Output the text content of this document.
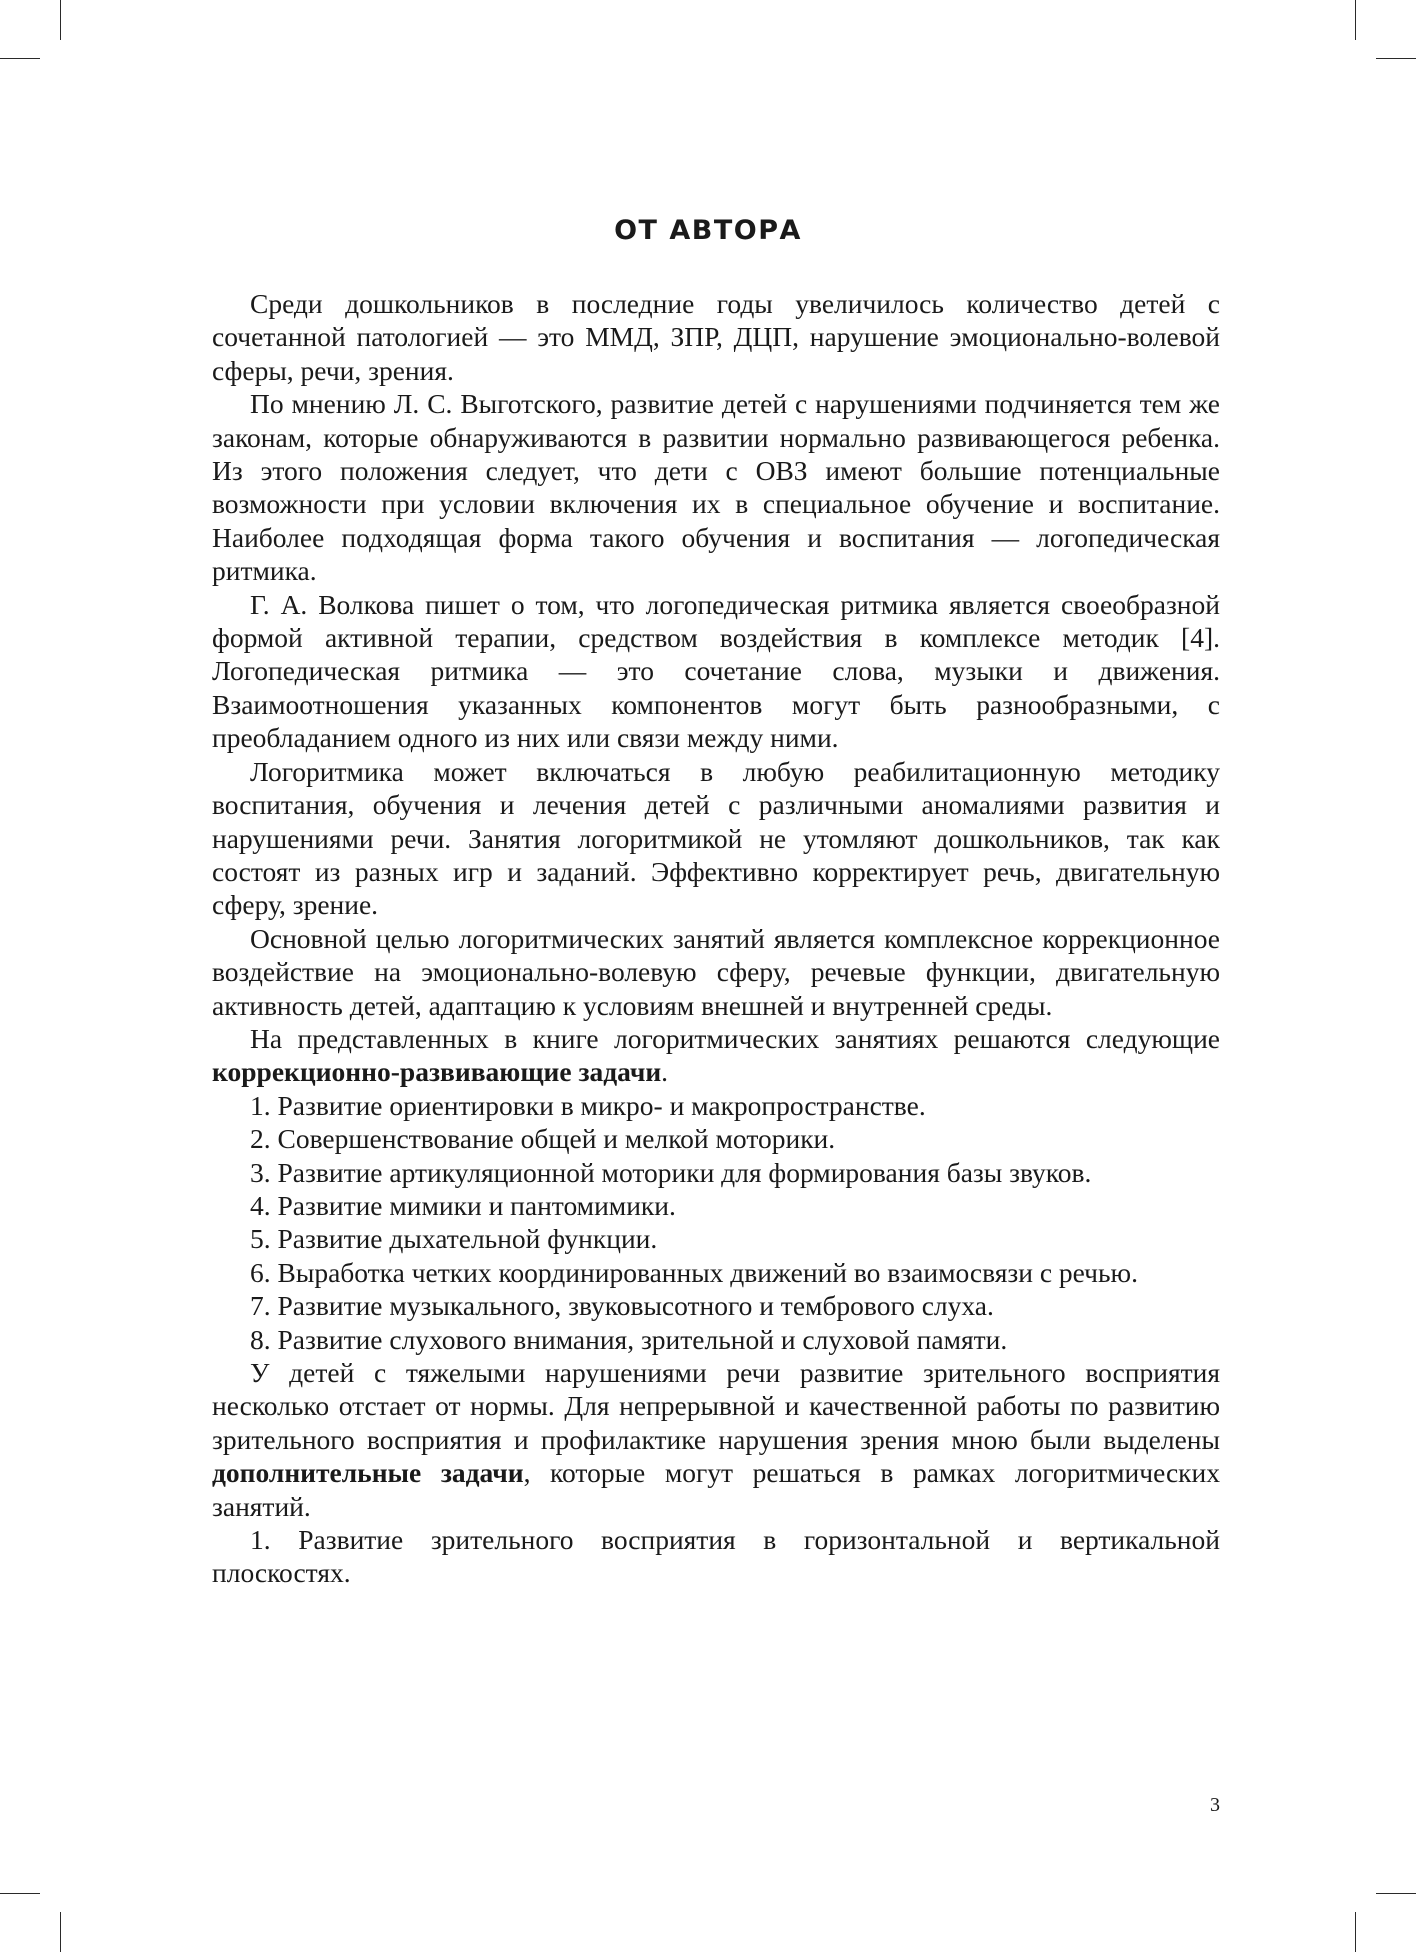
ОТ АВТОРА

Среди дошкольников в последние годы увеличилось количество детей с сочетанной патологией — это ММД, ЗПР, ДЦП, нарушение эмоционально-волевой сферы, речи, зрения.

По мнению Л. С. Выготского, развитие детей с нарушениями подчиняется тем же законам, которые обнаруживаются в развитии нормально развивающегося ребенка. Из этого положения следует, что дети с ОВЗ имеют большие потенциальные возможности при условии включения их в специальное обучение и воспитание. Наиболее подходящая форма такого обучения и воспитания — логопедическая ритмика.

Г. А. Волкова пишет о том, что логопедическая ритмика является своеобразной формой активной терапии, средством воздействия в комплексе методик [4]. Логопедическая ритмика — это сочетание слова, музыки и движения. Взаимоотношения указанных компонентов могут быть разнообразными, с преобладанием одного из них или связи между ними.

Логоритмика может включаться в любую реабилитационную методику воспитания, обучения и лечения детей с различными аномалиями развития и нарушениями речи. Занятия логоритмикой не утомляют дошкольников, так как состоят из разных игр и заданий. Эффективно корректирует речь, двигательную сферу, зрение.

Основной целью логоритмических занятий является комплексное коррекционное воздействие на эмоционально-волевую сферу, речевые функции, двигательную активность детей, адаптацию к условиям внешней и внутренней среды.

На представленных в книге логоритмических занятиях решаются следующие коррекционно-развивающие задачи.

1. Развитие ориентировки в микро- и макропространстве.

2. Совершенствование общей и мелкой моторики.

3. Развитие артикуляционной моторики для формирования базы звуков.

4. Развитие мимики и пантомимики.

5. Развитие дыхательной функции.

6. Выработка четких координированных движений во взаимосвязи с речью.

7. Развитие музыкального, звуковысотного и тембрового слуха.

8. Развитие слухового внимания, зрительной и слуховой памяти.

У детей с тяжелыми нарушениями речи развитие зрительного восприятия несколько отстает от нормы. Для непрерывной и качественной работы по развитию зрительного восприятия и профилактике нарушения зрения мною были выделены дополнительные задачи, которые могут решаться в рамках логоритмических занятий.

1. Развитие зрительного восприятия в горизонтальной и вертикальной плоскостях.

3
